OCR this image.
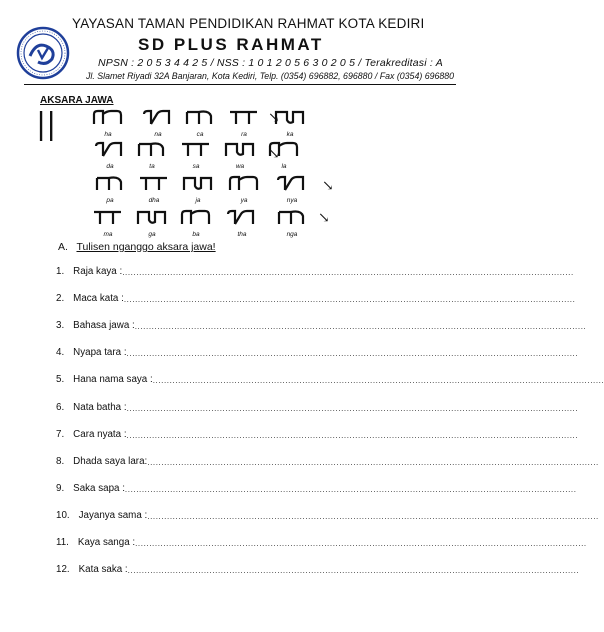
YAYASAN TAMAN PENDIDIKAN RAHMAT KOTA KEDIRI
SD PLUS RAHMAT
NPSN : 2 0 5 3 4 4 2 5 / NSS : 1 0 1 2 0 5 6 3 0 2 0 5 / Terakreditasi : A
Jl. Slamet Riyadi 32A Banjaran, Kota Kediri, Telp. (0354) 696882, 696880 / Fax (0354) 696880
AKSARA JAWA
||	ha	na	ca	ra	ka
da	ta	sa	wa	la
pa	dha	ja	ya	nya
ma	ga	ba	tha	nga
↘
↘
↘
↘
A. Tulisen nganggo aksara jawa!
1. Raja kaya : ................................................................................................................................................................
2. Maca kata : ................................................................................................................................................................
3. Bahasa jawa : ................................................................................................................................................................
4. Nyapa tara : ................................................................................................................................................................
5. Hana nama saya : ................................................................................................................................................................
6. Nata batha : ................................................................................................................................................................
7. Cara nyata : ................................................................................................................................................................
8. Dhada saya lara: ................................................................................................................................................................
9. Saka sapa : ................................................................................................................................................................
10. Jayanya sama : ................................................................................................................................................................
11. Kaya sanga : ................................................................................................................................................................
12. Kata saka : ................................................................................................................................................................
